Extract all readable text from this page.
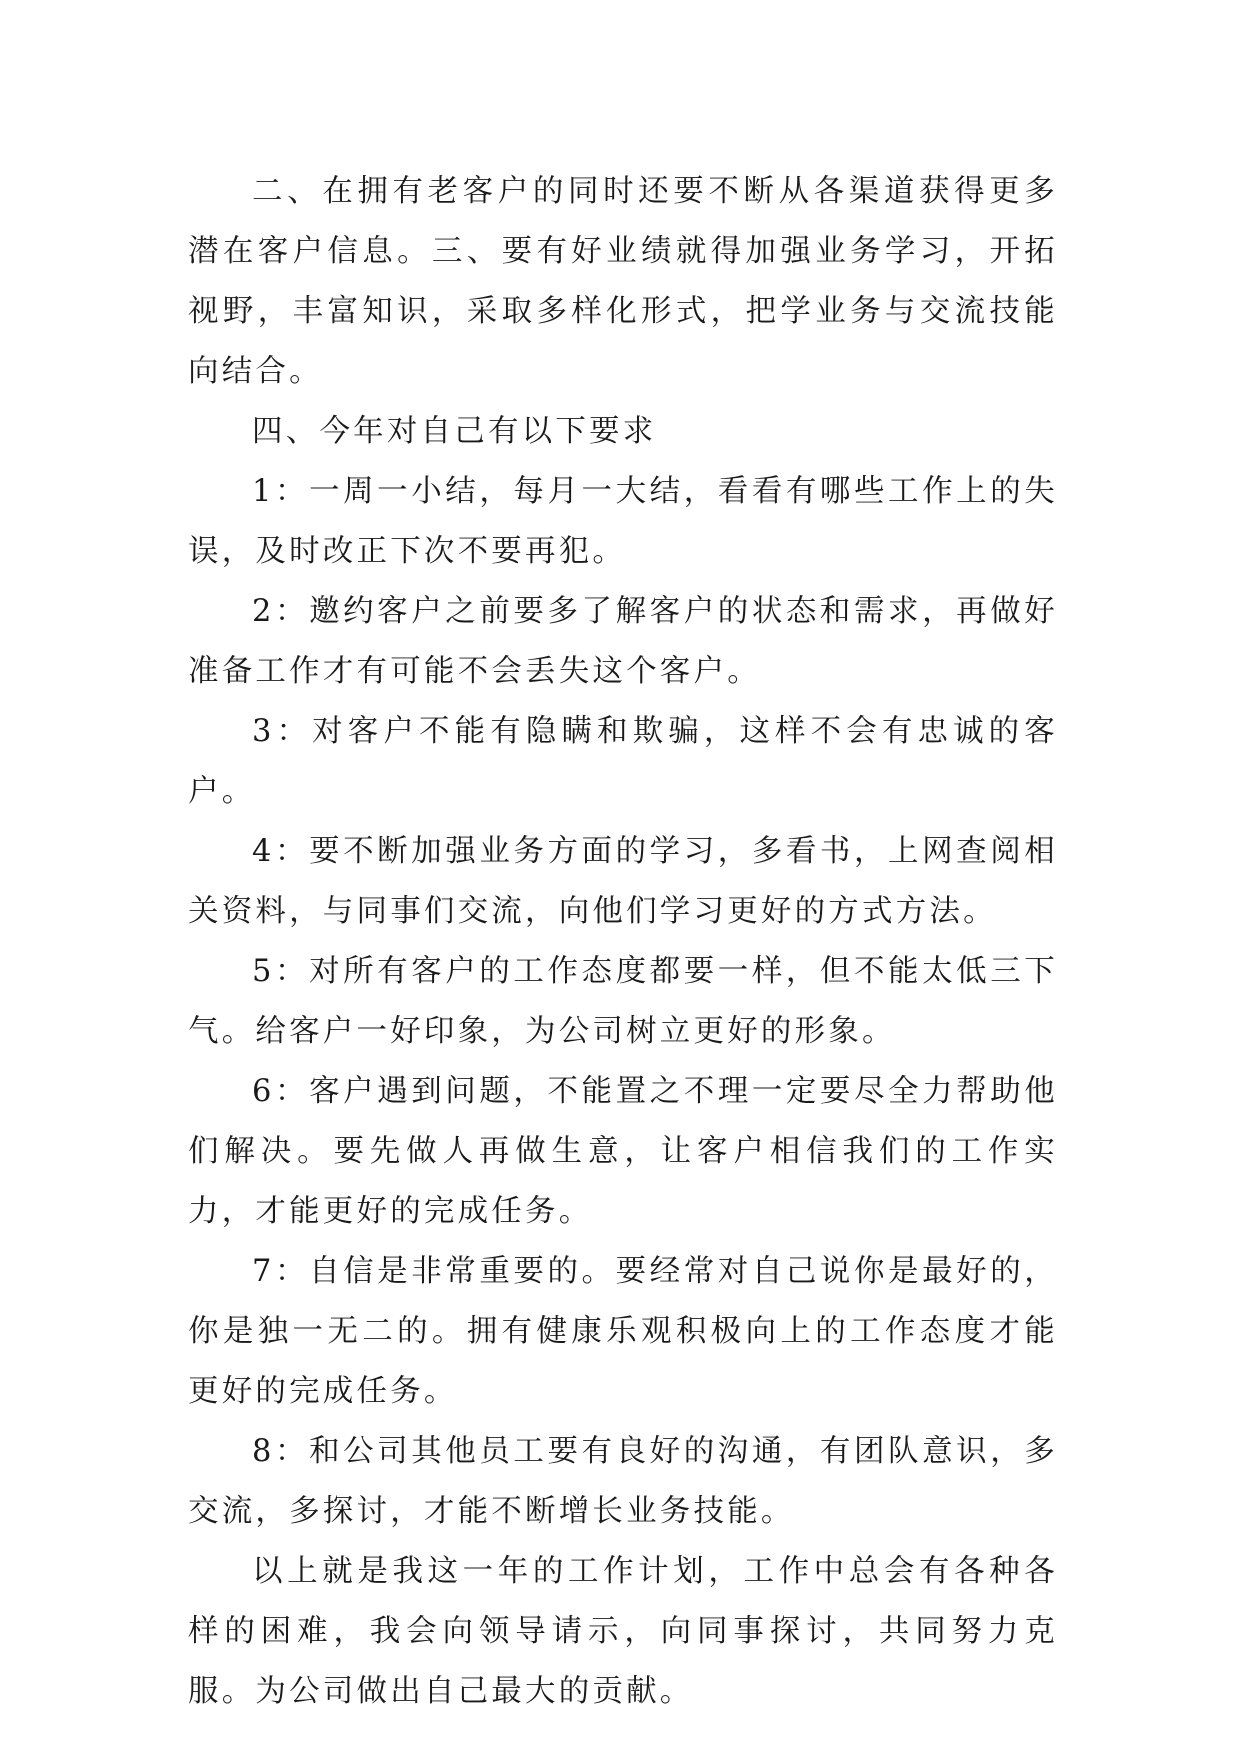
二、在拥有老客户的同时还要不断从各渠道获得更多潜在客户信息。三、要有好业绩就得加强业务学习，开拓视野，丰富知识，采取多样化形式，把学业务与交流技能向结合。

四、今年对自己有以下要求

1：一周一小结，每月一大结，看看有哪些工作上的失误，及时改正下次不要再犯。

2：邀约客户之前要多了解客户的状态和需求，再做好准备工作才有可能不会丢失这个客户。

3：对客户不能有隐瞒和欺骗，这样不会有忠诚的客户。

4：要不断加强业务方面的学习，多看书，上网查阅相关资料，与同事们交流，向他们学习更好的方式方法。

5：对所有客户的工作态度都要一样，但不能太低三下气。给客户一好印象，为公司树立更好的形象。

6：客户遇到问题，不能置之不理一定要尽全力帮助他们解决。要先做人再做生意，让客户相信我们的工作实力，才能更好的完成任务。

7：自信是非常重要的。要经常对自己说你是最好的，你是独一无二的。拥有健康乐观积极向上的工作态度才能更好的完成任务。

8：和公司其他员工要有良好的沟通，有团队意识，多交流，多探讨，才能不断增长业务技能。

以上就是我这一年的工作计划，工作中总会有各种各样的困难，我会向领导请示，向同事探讨，共同努力克服。为公司做出自己最大的贡献。
